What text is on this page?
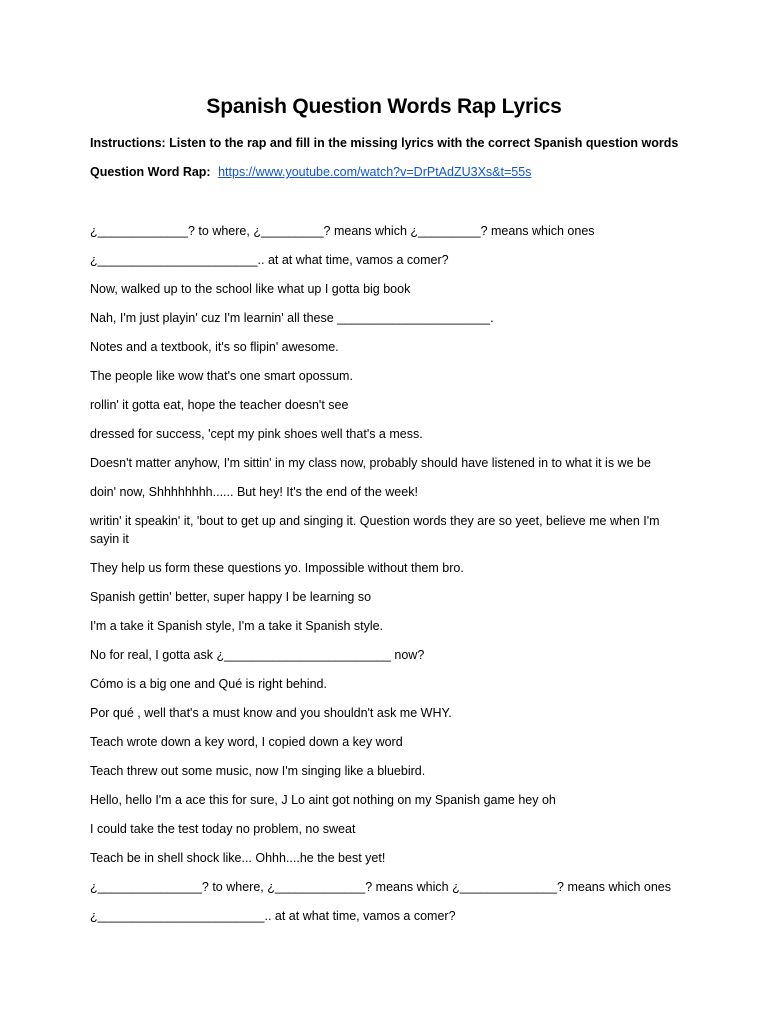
Spanish Question Words Rap Lyrics

Instructions: Listen to the rap and fill in the missing lyrics with the correct Spanish question words

Question Word Rap: https://www.youtube.com/watch?v=DrPtAdZU3Xs&t=55s

¿_____________? to where, ¿_________? means which ¿_________? means which ones

¿_______________________.. at at what time, vamos a comer?

Now, walked up to the school like what up I gotta big book

Nah, I'm just playin' cuz I'm learnin' all these ______________________.

Notes and a textbook, it's so flipin' awesome.

The people like wow that's one smart opossum.

rollin' it gotta eat, hope the teacher doesn't see

dressed for success, 'cept my pink shoes well that's a mess.

Doesn't matter anyhow, I'm sittin' in my class now, probably should have listened in to what it is we be

doin' now, Shhhhhhhh...... But hey! It's the end of the week!

writin' it speakin' it, 'bout to get up and singing it. Question words they are so yeet, believe me when I'm sayin it

They help us form these questions yo. Impossible without them bro.

Spanish gettin' better, super happy I be learning so

I'm a take it Spanish style, I'm a take it Spanish style.

No for real, I gotta ask ¿________________________ now?

Cómo is a big one and Qué is right behind.

Por qué , well that's a must know and you shouldn't ask me WHY.

Teach wrote down a key word, I copied down a key word

Teach threw out some music, now I'm singing like a bluebird.

Hello, hello I'm a ace this for sure, J Lo aint got nothing on my Spanish game hey oh

I could take the test today no problem, no sweat

Teach be in shell shock like... Ohhh....he the best yet!

¿_______________? to where, ¿_____________? means which ¿______________? means which ones

¿________________________.. at at what time, vamos a comer?
